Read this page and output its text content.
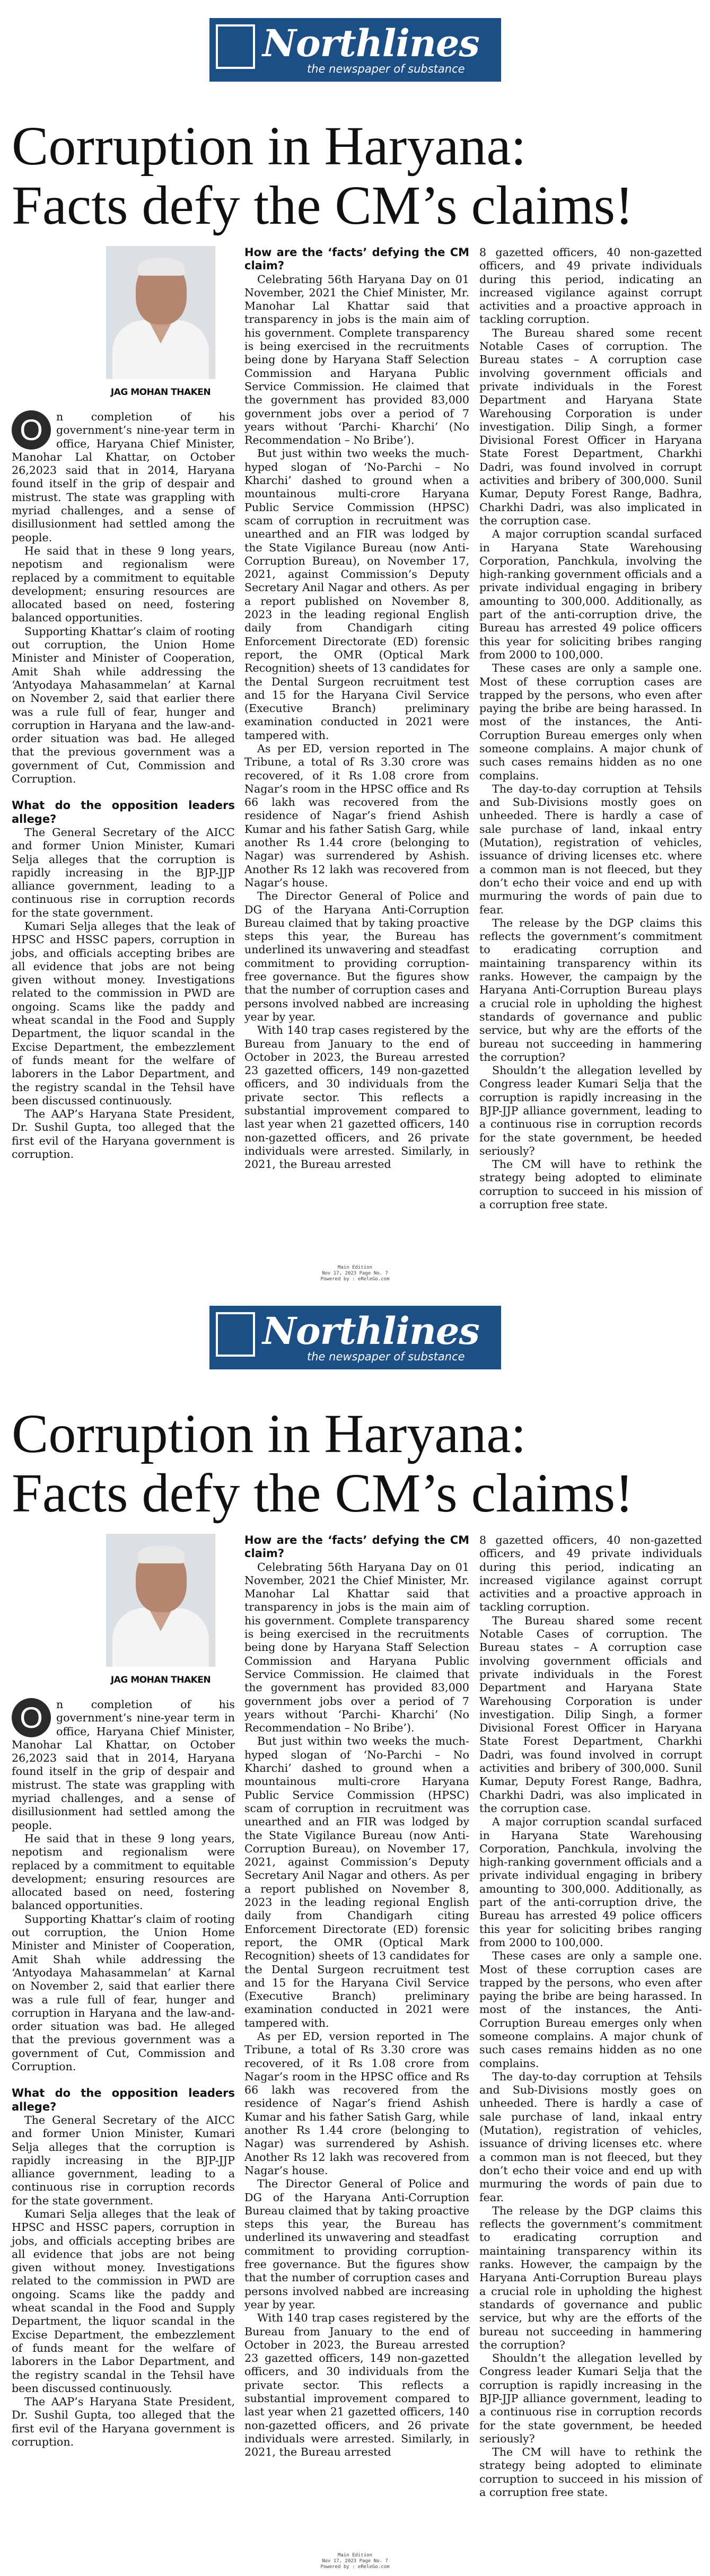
Northlines
the newspaper of substance
Corruption in Haryana:
Facts defy the CM’s claims!
JAG MOHAN THAKEN

O	n completion of his government’s nine-year term in office, Haryana Chief Minister, Manohar Lal Khattar, on October 26,2023 said that in 2014, Haryana found itself in the grip of despair and mistrust. The state was grappling with myriad challenges, and a sense of disillusionment had settled among the people.

He said that in these 9 long years, nepotism and regionalism were replaced by a commitment to equitable development; ensuring resources are allocated based on need, fostering balanced opportunities.

Supporting Khattar’s claim of rooting out corruption, the Union Home Minister and Minister of Cooperation, Amit Shah while addressing the ‘Antyodaya Mahasammelan’ at Karnal on November 2, said that earlier there was a rule full of fear, hunger and corruption in Haryana and the law-and-order situation was bad. He alleged that the previous government was a government of Cut, Commission and Corruption.

What do the opposition leaders allege?

The General Secretary of the AICC and former Union Minister, Kumari Selja alleges that the corruption is rapidly increasing in the BJP-JJP alliance government, leading to a continuous rise in corruption records for the state government.

Kumari Selja alleges that the leak of HPSC and HSSC papers, corruption in jobs, and officials accepting bribes are all evidence that jobs are not being given without money. Investigations related to the commission in PWD are ongoing. Scams like the paddy and wheat scandal in the Food and Supply Department, the liquor scandal in the Excise Department, the embezzlement of funds meant for the welfare of laborers in the Labor Department, and the registry scandal in the Tehsil have been discussed continuously.

The AAP’s Haryana State President, Dr. Sushil Gupta, too alleged that the first evil of the Haryana government is corruption.

How are the ‘facts’ defying the CM claim?

Celebrating 56th Haryana Day on 01 November, 2021 the Chief Minister, Mr. Manohar Lal Khattar said that transparency in jobs is the main aim of his government. Complete transparency is being exercised in the recruitments being done by Haryana Staff Selection Commission and Haryana Public Service Commission. He claimed that the government has provided 83,000 government jobs over a period of 7 years without ‘Parchi- Kharchi’ (No Recommendation – No Bribe’).

But just within two weeks the much-hyped slogan of ‘No-Parchi – No Kharchi’ dashed to ground when a mountainous multi-crore Haryana Public Service Commission (HPSC) scam of corruption in recruitment was unearthed and an FIR was lodged by the State Vigilance Bureau (now Anti-Corruption Bureau), on November 17, 2021, against Commission’s Deputy Secretary Anil Nagar and others. As per a report published on November 8, 2023 in the leading regional English daily from Chandigarh citing Enforcement Directorate (ED) forensic report, the OMR (Optical Mark Recognition) sheets of 13 candidates for the Dental Surgeon recruitment test and 15 for the Haryana Civil Service (Executive Branch) preliminary examination conducted in 2021 were tampered with.

As per ED, version reported in The Tribune, a total of Rs 3.30 crore was recovered, of it Rs 1.08 crore from Nagar’s room in the HPSC office and Rs 66 lakh was recovered from the residence of Nagar’s friend Ashish Kumar and his father Satish Garg, while another Rs 1.44 crore (belonging to Nagar) was surrendered by Ashish. Another Rs 12 lakh was recovered from Nagar’s house.

The Director General of Police and DG of the Haryana Anti-Corruption Bureau claimed that by taking proactive steps this year, the Bureau has underlined its unwavering and steadfast commitment to providing corruption-free governance. But the figures show that the number of corruption cases and persons involved nabbed are increasing year by year.

With 140 trap cases registered by the Bureau from January to the end of October in 2023, the Bureau arrested 23 gazetted officers, 149 non-gazetted officers, and 30 individuals from the private sector. This reflects a substantial improvement compared to last year when 21 gazetted officers, 140 non-gazetted officers, and 26 private individuals were arrested. Similarly, in 2021, the Bureau arrested

8 gazetted officers, 40 non-gazetted officers, and 49 private individuals during this period, indicating an increased vigilance against corrupt activities and a proactive approach in tackling corruption.

The Bureau shared some recent Notable Cases of corruption. The Bureau states – A corruption case involving government officials and private individuals in the Forest Department and Haryana State Warehousing Corporation is under investigation. Dilip Singh, a former Divisional Forest Officer in Haryana State Forest Department, Charkhi Dadri, was found involved in corrupt activities and bribery of 300,000. Sunil Kumar, Deputy Forest Range, Badhra, Charkhi Dadri, was also implicated in the corruption case.

A major corruption scandal surfaced in Haryana State Warehousing Corporation, Panchkula, involving the high-ranking government officials and a private individual engaging in bribery amounting to 300,000. Additionally, as part of the anti-corruption drive, the Bureau has arrested 49 police officers this year for soliciting bribes ranging from 2000 to 100,000.

These cases are only a sample one. Most of these corruption cases are trapped by the persons, who even after paying the bribe are being harassed. In most of the instances, the Anti-Corruption Bureau emerges only when someone complains. A major chunk of such cases remains hidden as no one complains.

The day-to-day corruption at Tehsils and Sub-Divisions mostly goes on unheeded. There is hardly a case of sale purchase of land, inkaal entry (Mutation), registration of vehicles, issuance of driving licenses etc. where a common man is not fleeced, but they don’t echo their voice and end up with murmuring the words of pain due to fear.

The release by the DGP claims this reflects the government’s commitment to eradicating corruption and maintaining transparency within its ranks. However, the campaign by the Haryana Anti-Corruption Bureau plays a crucial role in upholding the highest standards of governance and public service, but why are the efforts of the bureau not succeeding in hammering the corruption?

Shouldn’t the allegation levelled by Congress leader Kumari Selja that the corruption is rapidly increasing in the BJP-JJP alliance government, leading to a continuous rise in corruption records for the state government, be heeded seriously?

The CM will have to rethink the strategy being adopted to eliminate corruption to succeed in his mission of a corruption free state.

Main Edition
Nov 17, 2023 Page No. 7
Powered by : eReleGo.com
Northlines
the newspaper of substance
Corruption in Haryana:
Facts defy the CM’s claims!
JAG MOHAN THAKEN

O	n completion of his government’s nine-year term in office, Haryana Chief Minister, Manohar Lal Khattar, on October 26,2023 said that in 2014, Haryana found itself in the grip of despair and mistrust. The state was grappling with myriad challenges, and a sense of disillusionment had settled among the people.

He said that in these 9 long years, nepotism and regionalism were replaced by a commitment to equitable development; ensuring resources are allocated based on need, fostering balanced opportunities.

Supporting Khattar’s claim of rooting out corruption, the Union Home Minister and Minister of Cooperation, Amit Shah while addressing the ‘Antyodaya Mahasammelan’ at Karnal on November 2, said that earlier there was a rule full of fear, hunger and corruption in Haryana and the law-and-order situation was bad. He alleged that the previous government was a government of Cut, Commission and Corruption.

What do the opposition leaders allege?

The General Secretary of the AICC and former Union Minister, Kumari Selja alleges that the corruption is rapidly increasing in the BJP-JJP alliance government, leading to a continuous rise in corruption records for the state government.

Kumari Selja alleges that the leak of HPSC and HSSC papers, corruption in jobs, and officials accepting bribes are all evidence that jobs are not being given without money. Investigations related to the commission in PWD are ongoing. Scams like the paddy and wheat scandal in the Food and Supply Department, the liquor scandal in the Excise Department, the embezzlement of funds meant for the welfare of laborers in the Labor Department, and the registry scandal in the Tehsil have been discussed continuously.

The AAP’s Haryana State President, Dr. Sushil Gupta, too alleged that the first evil of the Haryana government is corruption.

How are the ‘facts’ defying the CM claim?

Celebrating 56th Haryana Day on 01 November, 2021 the Chief Minister, Mr. Manohar Lal Khattar said that transparency in jobs is the main aim of his government. Complete transparency is being exercised in the recruitments being done by Haryana Staff Selection Commission and Haryana Public Service Commission. He claimed that the government has provided 83,000 government jobs over a period of 7 years without ‘Parchi- Kharchi’ (No Recommendation – No Bribe’).

But just within two weeks the much-hyped slogan of ‘No-Parchi – No Kharchi’ dashed to ground when a mountainous multi-crore Haryana Public Service Commission (HPSC) scam of corruption in recruitment was unearthed and an FIR was lodged by the State Vigilance Bureau (now Anti-Corruption Bureau), on November 17, 2021, against Commission’s Deputy Secretary Anil Nagar and others. As per a report published on November 8, 2023 in the leading regional English daily from Chandigarh citing Enforcement Directorate (ED) forensic report, the OMR (Optical Mark Recognition) sheets of 13 candidates for the Dental Surgeon recruitment test and 15 for the Haryana Civil Service (Executive Branch) preliminary examination conducted in 2021 were tampered with.

As per ED, version reported in The Tribune, a total of Rs 3.30 crore was recovered, of it Rs 1.08 crore from Nagar’s room in the HPSC office and Rs 66 lakh was recovered from the residence of Nagar’s friend Ashish Kumar and his father Satish Garg, while another Rs 1.44 crore (belonging to Nagar) was surrendered by Ashish. Another Rs 12 lakh was recovered from Nagar’s house.

The Director General of Police and DG of the Haryana Anti-Corruption Bureau claimed that by taking proactive steps this year, the Bureau has underlined its unwavering and steadfast commitment to providing corruption-free governance. But the figures show that the number of corruption cases and persons involved nabbed are increasing year by year.

With 140 trap cases registered by the Bureau from January to the end of October in 2023, the Bureau arrested 23 gazetted officers, 149 non-gazetted officers, and 30 individuals from the private sector. This reflects a substantial improvement compared to last year when 21 gazetted officers, 140 non-gazetted officers, and 26 private individuals were arrested. Similarly, in 2021, the Bureau arrested

8 gazetted officers, 40 non-gazetted officers, and 49 private individuals during this period, indicating an increased vigilance against corrupt activities and a proactive approach in tackling corruption.

The Bureau shared some recent Notable Cases of corruption. The Bureau states – A corruption case involving government officials and private individuals in the Forest Department and Haryana State Warehousing Corporation is under investigation. Dilip Singh, a former Divisional Forest Officer in Haryana State Forest Department, Charkhi Dadri, was found involved in corrupt activities and bribery of 300,000. Sunil Kumar, Deputy Forest Range, Badhra, Charkhi Dadri, was also implicated in the corruption case.

A major corruption scandal surfaced in Haryana State Warehousing Corporation, Panchkula, involving the high-ranking government officials and a private individual engaging in bribery amounting to 300,000. Additionally, as part of the anti-corruption drive, the Bureau has arrested 49 police officers this year for soliciting bribes ranging from 2000 to 100,000.

These cases are only a sample one. Most of these corruption cases are trapped by the persons, who even after paying the bribe are being harassed. In most of the instances, the Anti-Corruption Bureau emerges only when someone complains. A major chunk of such cases remains hidden as no one complains.

The day-to-day corruption at Tehsils and Sub-Divisions mostly goes on unheeded. There is hardly a case of sale purchase of land, inkaal entry (Mutation), registration of vehicles, issuance of driving licenses etc. where a common man is not fleeced, but they don’t echo their voice and end up with murmuring the words of pain due to fear.

The release by the DGP claims this reflects the government’s commitment to eradicating corruption and maintaining transparency within its ranks. However, the campaign by the Haryana Anti-Corruption Bureau plays a crucial role in upholding the highest standards of governance and public service, but why are the efforts of the bureau not succeeding in hammering the corruption?

Shouldn’t the allegation levelled by Congress leader Kumari Selja that the corruption is rapidly increasing in the BJP-JJP alliance government, leading to a continuous rise in corruption records for the state government, be heeded seriously?

The CM will have to rethink the strategy being adopted to eliminate corruption to succeed in his mission of a corruption free state.

Main Edition
Nov 17, 2023 Page No. 7
Powered by : eReleGo.com
